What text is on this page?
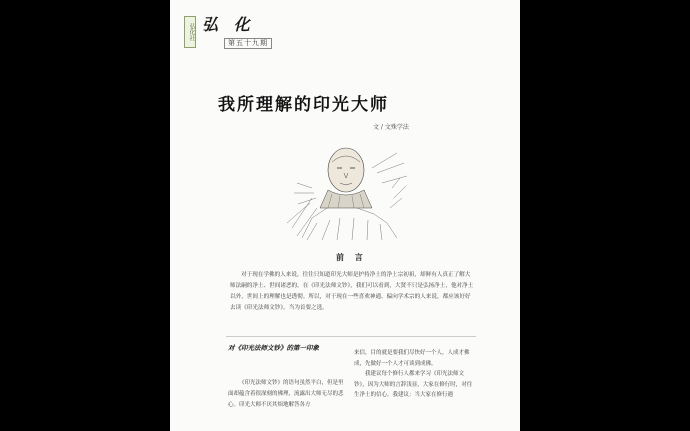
弘化社 弘 化
第五十九期
我所理解的印光大师
文 / 文殊学法
前 言

对于现在学佛的人来说，往往只知道印光大师是护持净土的净土宗初祖，却鲜有人真正了解大师法嗣的净土、世间诸恶的。在《印光法师文钞》，我们可以看到，大贤不只是弘扬净土，他对净土以外，世间上的理解也是透彻。所以，对于现在一些喜欢神通、偏向学术宗的人来说，都应该好好去读《印光法师文钞》，当为首要之选。

对《印光法师文钞》的第一印象

《印光法师文钞》的语句虽然平白，但是里面却蕴含着很深刻的佛理，流露出大师无尽的悲心。印光大师不厌其烦地解答各方

来信，目的就是要我们尽快好一个人，人成才佛成，先做好一个人才可谈到成佛。

我建议每个修行人都来学习《印光法师文钞》，因为大师的言辞浅显，大家在修行时，对往生净土的信心。我建议：当大家在修行遇
